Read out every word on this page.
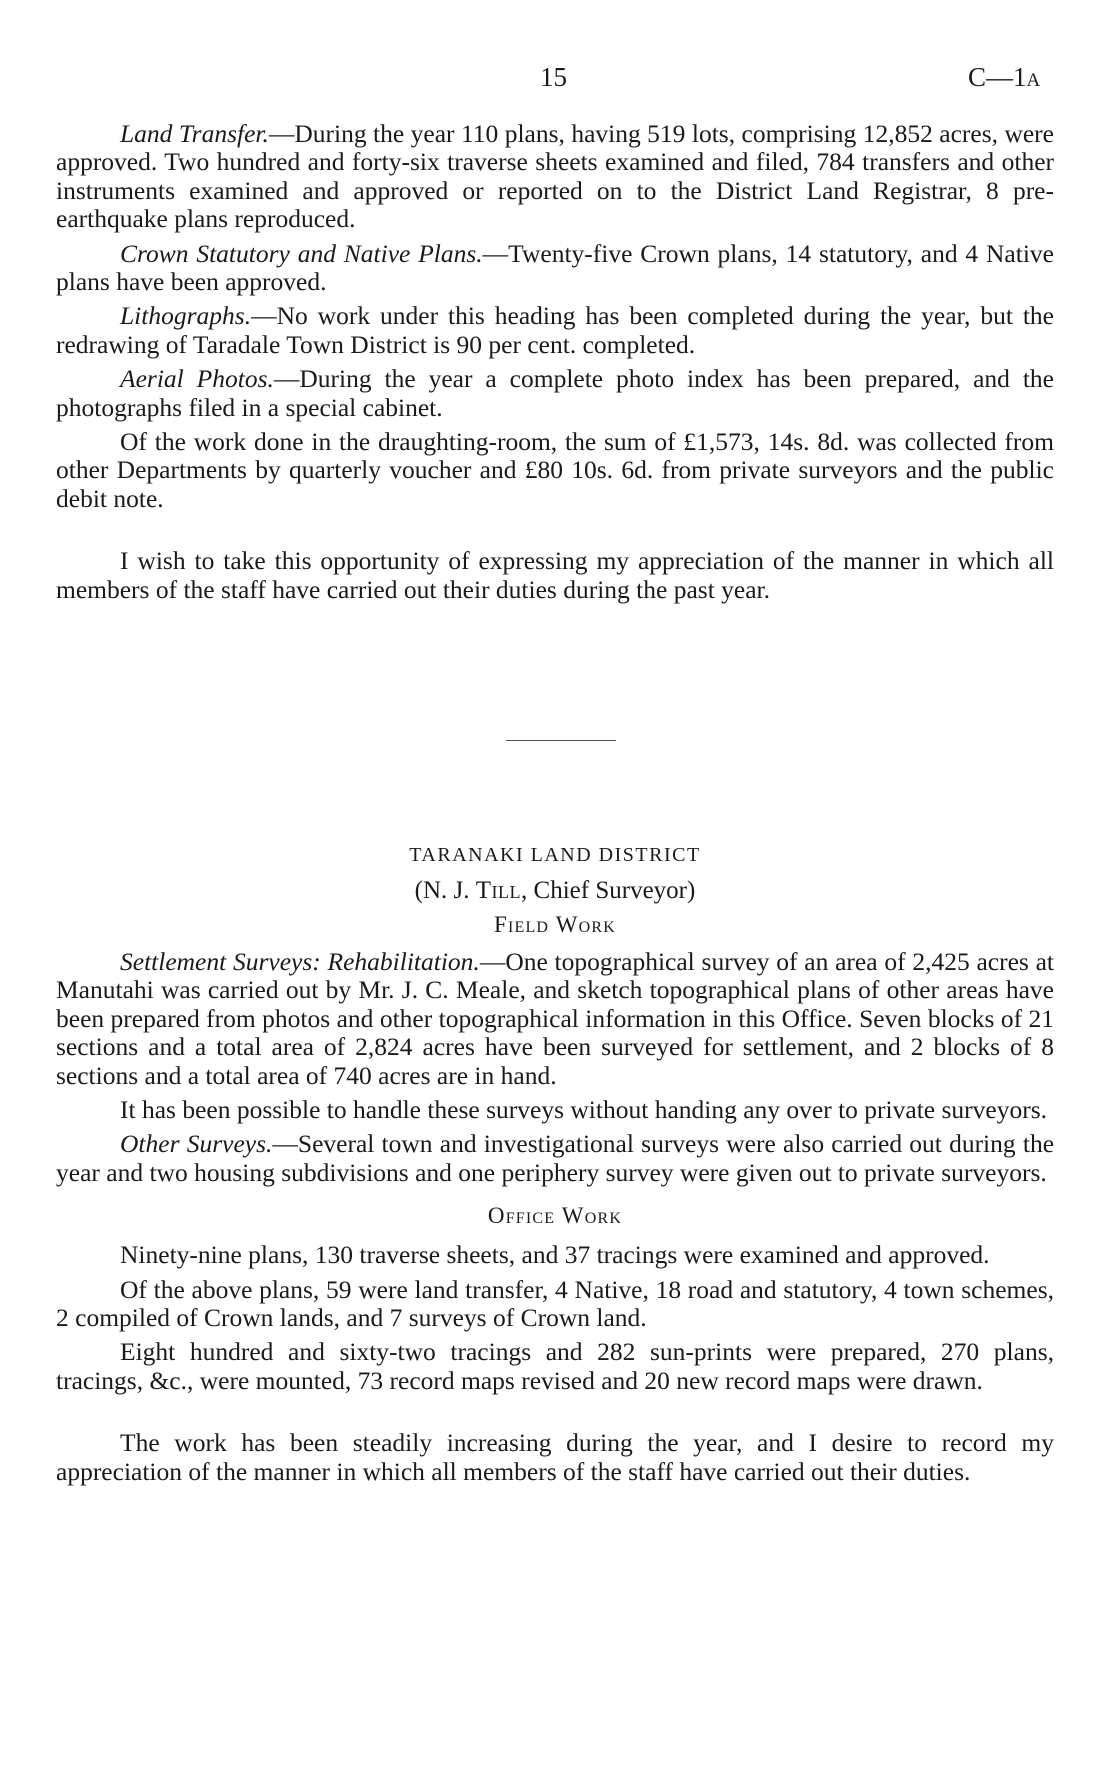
15	C—1A

Land Transfer.—During the year 110 plans, having 519 lots, comprising 12,852 acres, were approved. Two hundred and forty-six traverse sheets examined and filed, 784 transfers and other instruments examined and approved or reported on to the District Land Registrar, 8 pre-earthquake plans reproduced.

Crown Statutory and Native Plans.—Twenty-five Crown plans, 14 statutory, and 4 Native plans have been approved.

Lithographs.—No work under this heading has been completed during the year, but the redrawing of Taradale Town District is 90 per cent. completed.

Aerial Photos.—During the year a complete photo index has been prepared, and the photographs filed in a special cabinet.

Of the work done in the draughting-room, the sum of £1,573, 14s. 8d. was collected from other Departments by quarterly voucher and £80 10s. 6d. from private surveyors and the public debit note.

I wish to take this opportunity of expressing my appreciation of the manner in which all members of the staff have carried out their duties during the past year.

TARANAKI LAND DISTRICT

(N. J. Till, Chief Surveyor)

Field Work

Settlement Surveys: Rehabilitation.—One topographical survey of an area of 2,425 acres at Manutahi was carried out by Mr. J. C. Meale, and sketch topographical plans of other areas have been prepared from photos and other topographical information in this Office. Seven blocks of 21 sections and a total area of 2,824 acres have been surveyed for settlement, and 2 blocks of 8 sections and a total area of 740 acres are in hand.

It has been possible to handle these surveys without handing any over to private surveyors.

Other Surveys.—Several town and investigational surveys were also carried out during the year and two housing subdivisions and one periphery survey were given out to private surveyors.

Office Work

Ninety-nine plans, 130 traverse sheets, and 37 tracings were examined and approved.

Of the above plans, 59 were land transfer, 4 Native, 18 road and statutory, 4 town schemes, 2 compiled of Crown lands, and 7 surveys of Crown land.

Eight hundred and sixty-two tracings and 282 sun-prints were prepared, 270 plans, tracings, &c., were mounted, 73 record maps revised and 20 new record maps were drawn.

The work has been steadily increasing during the year, and I desire to record my appreciation of the manner in which all members of the staff have carried out their duties.
